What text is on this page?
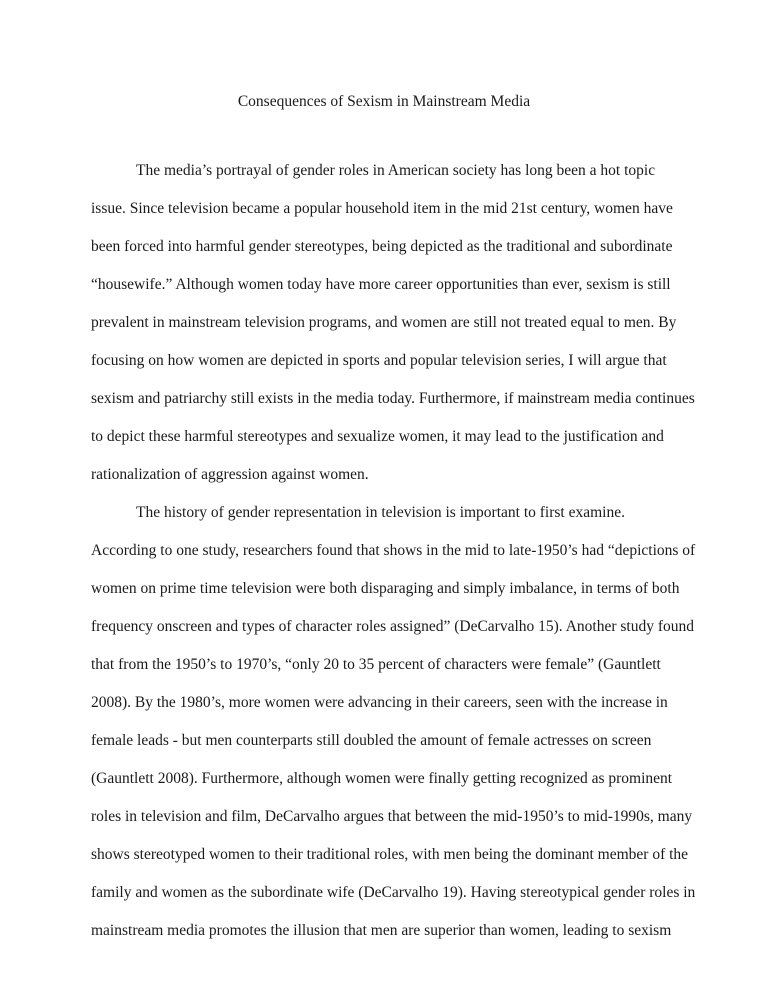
Consequences of Sexism in Mainstream Media
The media’s portrayal of gender roles in American society has long been a hot topic
issue. Since television became a popular household item in the mid 21st century, women have
been forced into harmful gender stereotypes, being depicted as the traditional and subordinate
“housewife.” Although women today have more career opportunities than ever, sexism is still
prevalent in mainstream television programs, and women are still not treated equal to men. By
focusing on how women are depicted in sports and popular television series, I will argue that
sexism and patriarchy still exists in the media today. Furthermore, if mainstream media continues
to depict these harmful stereotypes and sexualize women, it may lead to the justification and
rationalization of aggression against women.
The history of gender representation in television is important to first examine.
According to one study, researchers found that shows in the mid to late-1950’s had “depictions of
women on prime time television were both disparaging and simply imbalance, in terms of both
frequency onscreen and types of character roles assigned” (DeCarvalho 15). Another study found
that from the 1950’s to 1970’s, “only 20 to 35 percent of characters were female” (Gauntlett
2008). By the 1980’s, more women were advancing in their careers, seen with the increase in
female leads - but men counterparts still doubled the amount of female actresses on screen
(Gauntlett 2008). Furthermore, although women were finally getting recognized as prominent
roles in television and film, DeCarvalho argues that between the mid-1950’s to mid-1990s, many
shows stereotyped women to their traditional roles, with men being the dominant member of the
family and women as the subordinate wife (DeCarvalho 19). Having stereotypical gender roles in
mainstream media promotes the illusion that men are superior than women, leading to sexism
